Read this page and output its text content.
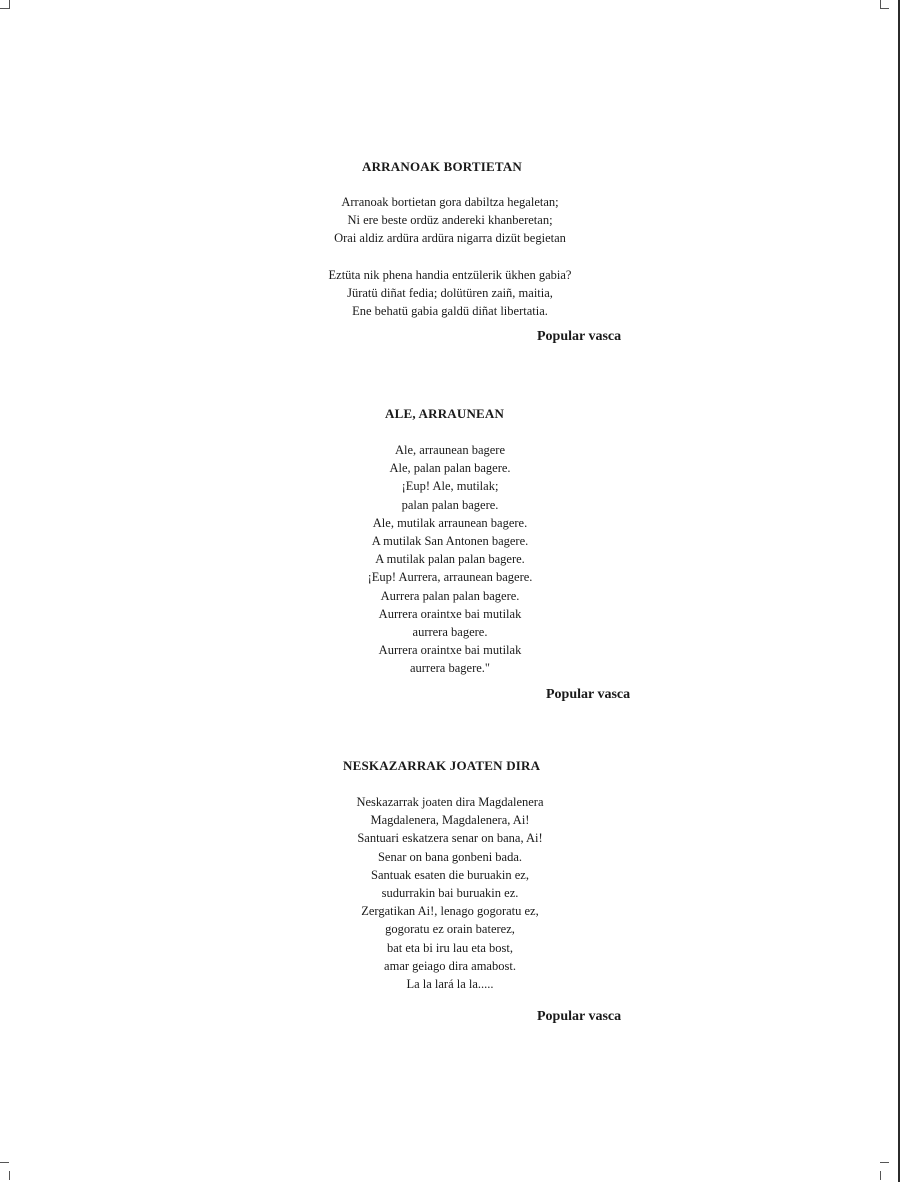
ARRANOAK BORTIETAN
Arranoak bortietan gora dabiltza hegaletan;
Ni ere beste ordüz andereki khanberetan;
Orai aldiz ardüra ardüra nigarra dizüt begietan
Eztüta nik phena handia entzülerik ükhen gabia?
Jüratü diñat fedia; dolütüren zaiñ, maitia,
Ene behatü gabia galdü diñat libertatia.
Popular vasca
ALE, ARRAUNEAN
Ale, arraunean bagere
Ale, palan palan bagere.
¡Eup! Ale, mutilak;
palan palan bagere.
Ale, mutilak arraunean bagere.
A mutilak San Antonen bagere.
A mutilak palan palan bagere.
¡Eup! Aurrera, arraunean bagere.
Aurrera palan palan bagere.
Aurrera oraintxe bai mutilak
aurrera bagere.
Aurrera oraintxe bai mutilak
aurrera bagere."
Popular vasca
NESKAZARRAK JOATEN DIRA
Neskazarrak joaten dira Magdalenera
Magdalenera, Magdalenera, Ai!
Santuari eskatzera senar on bana, Ai!
Senar on bana gonbeni bada.
Santuak esaten die buruakin ez,
sudurrakin bai buruakin ez.
Zergatikan Ai!, lenago gogoratu ez,
gogoratu ez orain baterez,
bat eta bi iru lau eta bost,
amar geiago dira amabost.
La la lará la la.....
Popular vasca
